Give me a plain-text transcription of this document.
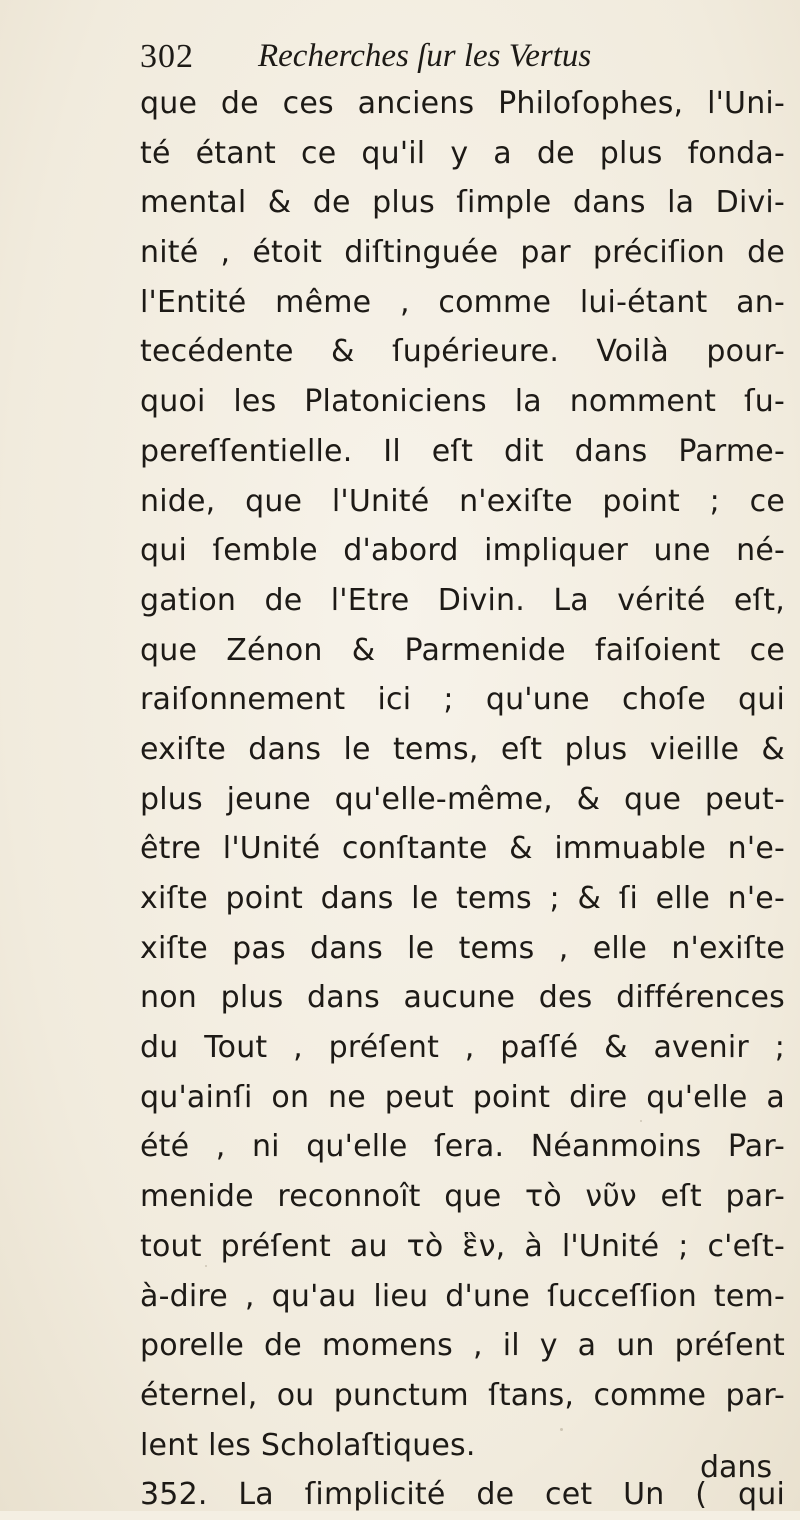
302 Recherches ſur les Vertus
que de ces anciens Philoſophes, l'Uni-
té étant ce qu'il y a de plus fonda-
mental & de plus ſimple dans la Divi-
nité , étoit diſtinguée par préciſion de
l'Entité même , comme lui-étant an-
tecédente & ſupérieure. Voilà pour-
quoi les Platoniciens la nomment ſu-
pereſſentielle. Il eſt dit dans Parme-
nide, que l'Unité n'exiſte point ; ce
qui ſemble d'abord impliquer une né-
gation de l'Etre Divin. La vérité eſt,
que Zénon & Parmenide faiſoient ce
raiſonnement ici ; qu'une choſe qui
exiſte dans le tems, eſt plus vieille &
plus jeune qu'elle-même, & que peut-
être l'Unité conſtante & immuable n'e-
xiſte point dans le tems ; & ſi elle n'e-
xiſte pas dans le tems , elle n'exiſte
non plus dans aucune des différences
du Tout , préſent , paſſé & avenir ;
qu'ainſi on ne peut point dire qu'elle a
été , ni qu'elle ſera. Néanmoins Par-
menide reconnoît que τὸ νῦν eſt par-
tout préſent au τὸ ἓν, à l'Unité ; c'eſt-
à-dire , qu'au lieu d'une ſucceſſion tem-
porelle de momens , il y a un préſent
éternel, ou punctum ſtans, comme par-
lent les Scholaſtiques.
352. La ſimplicité de cet Un ( qui
dans
